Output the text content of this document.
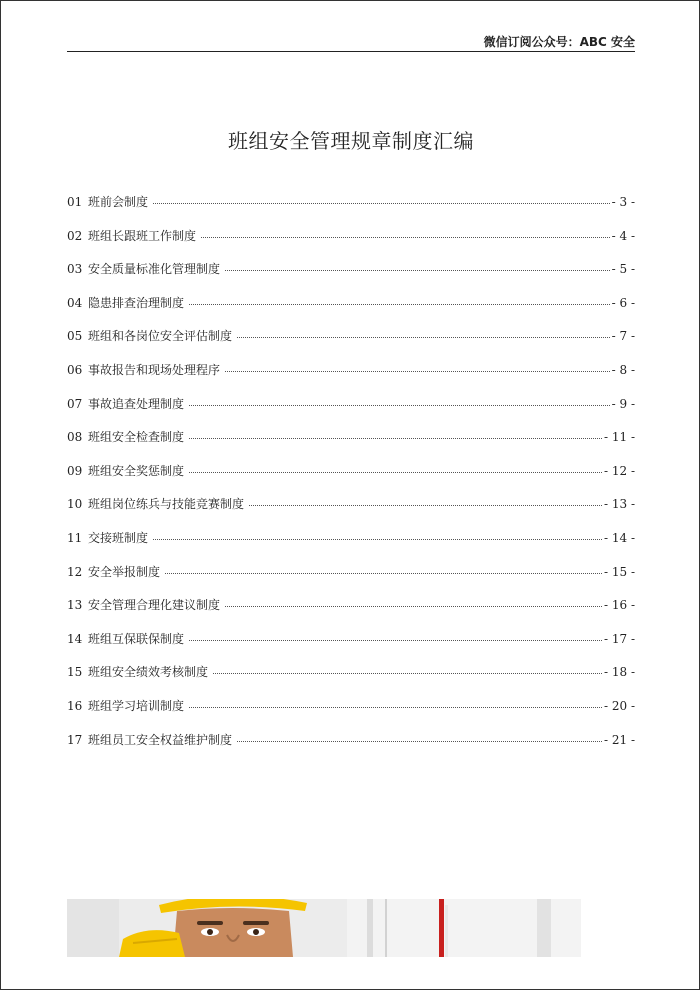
微信订阅公众号：ABC 安全
班组安全管理规章制度汇编
01 班前会制度	- 3 -
02 班组长跟班工作制度	- 4 -
03 安全质量标准化管理制度	- 5 -
04 隐患排查治理制度	- 6 -
05 班组和各岗位安全评估制度	- 7 -
06 事故报告和现场处理程序	- 8 -
07 事故追查处理制度	- 9 -
08 班组安全检查制度	- 11 -
09 班组安全奖惩制度	- 12 -
10 班组岗位练兵与技能竞赛制度	- 13 -
11 交接班制度	- 14 -
12 安全举报制度	- 15 -
13 安全管理合理化建议制度	- 16 -
14 班组互保联保制度	- 17 -
15 班组安全绩效考核制度	- 18 -
16 班组学习培训制度	- 20 -
17 班组员工安全权益维护制度	- 21 -
